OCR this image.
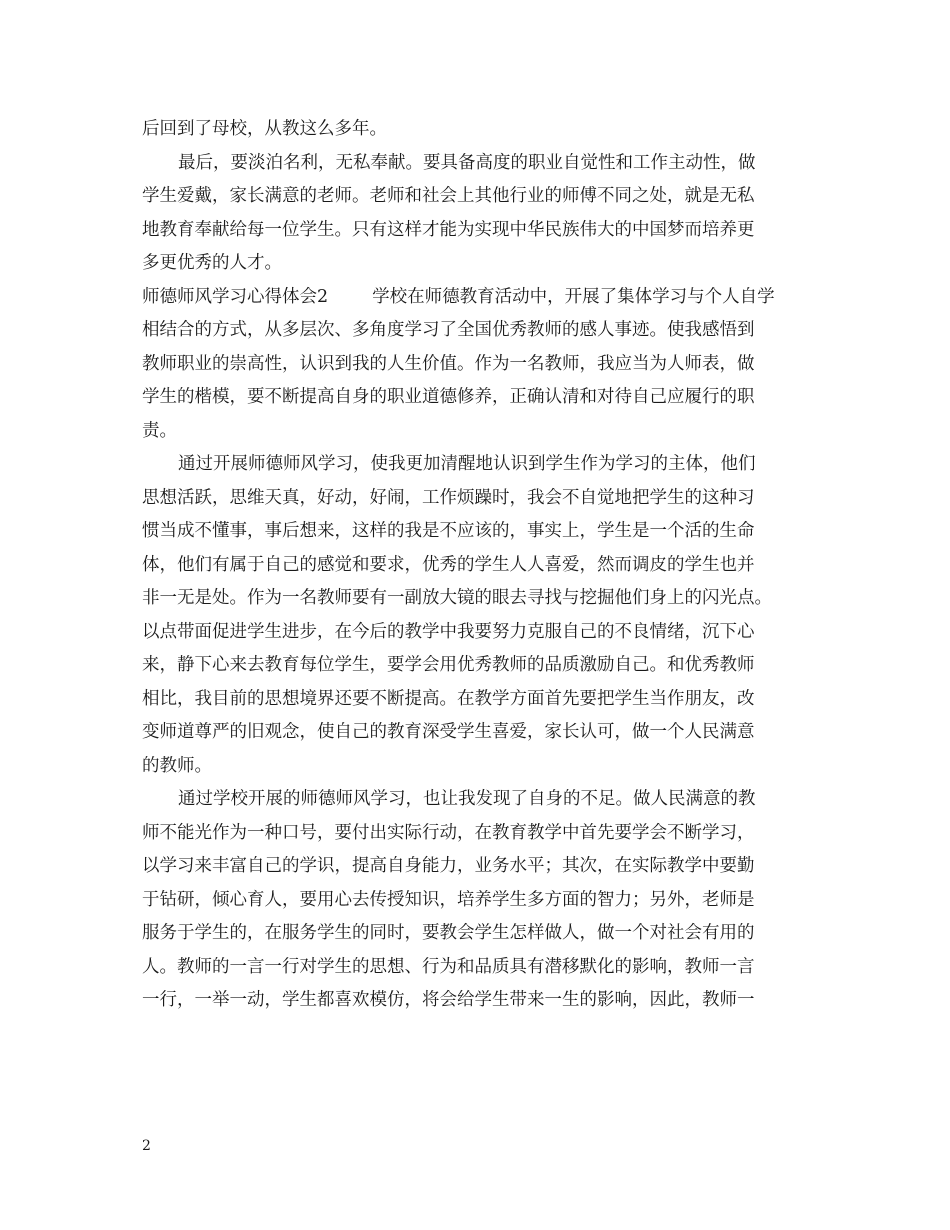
后回到了母校，从教这么多年。
最后，要淡泊名利，无私奉献。要具备高度的职业自觉性和工作主动性，做
学生爱戴，家长满意的老师。老师和社会上其他行业的师傅不同之处，就是无私
地教育奉献给每一位学生。只有这样才能为实现中华民族伟大的中国梦而培养更
多更优秀的人才。
师德师风学习心得体会2	学校在师德教育活动中，开展了集体学习与个人自学
相结合的方式，从多层次、多角度学习了全国优秀教师的感人事迹。使我感悟到
教师职业的崇高性，认识到我的人生价值。作为一名教师，我应当为人师表，做
学生的楷模，要不断提高自身的职业道德修养，正确认清和对待自己应履行的职
责。
通过开展师德师风学习，使我更加清醒地认识到学生作为学习的主体，他们
思想活跃，思维天真，好动，好闹，工作烦躁时，我会不自觉地把学生的这种习
惯当成不懂事，事后想来，这样的我是不应该的，事实上，学生是一个活的生命
体，他们有属于自己的感觉和要求，优秀的学生人人喜爱，然而调皮的学生也并
非一无是处。作为一名教师要有一副放大镜的眼去寻找与挖掘他们身上的闪光点。
以点带面促进学生进步，在今后的教学中我要努力克服自己的不良情绪，沉下心
来，静下心来去教育每位学生，要学会用优秀教师的品质激励自己。和优秀教师
相比，我目前的思想境界还要不断提高。在教学方面首先要把学生当作朋友，改
变师道尊严的旧观念，使自己的教育深受学生喜爱，家长认可，做一个人民满意
的教师。
通过学校开展的师德师风学习，也让我发现了自身的不足。做人民满意的教
师不能光作为一种口号，要付出实际行动，在教育教学中首先要学会不断学习，
以学习来丰富自己的学识，提高自身能力，业务水平；其次，在实际教学中要勤
于钻研，倾心育人，要用心去传授知识，培养学生多方面的智力；另外，老师是
服务于学生的，在服务学生的同时，要教会学生怎样做人，做一个对社会有用的
人。教师的一言一行对学生的思想、行为和品质具有潜移默化的影响，教师一言
一行，一举一动，学生都喜欢模仿，将会给学生带来一生的影响，因此，教师一
2
